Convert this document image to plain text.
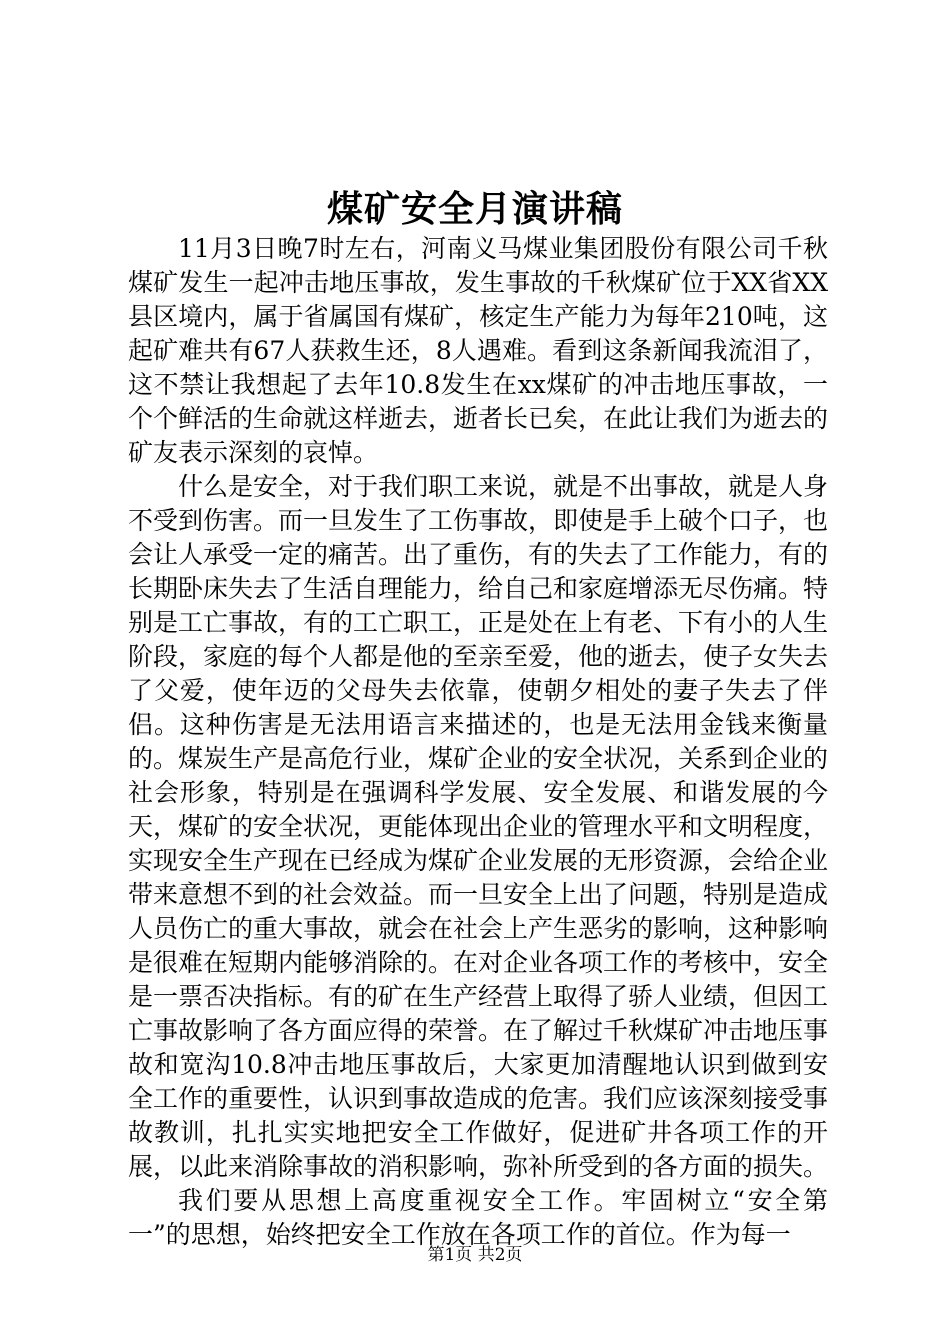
煤矿安全月演讲稿

11月3日晚7时左右，河南义马煤业集团股份有限公司千秋煤矿发生一起冲击地压事故，发生事故的千秋煤矿位于XX省XX县区境内，属于省属国有煤矿，核定生产能力为每年210吨，这起矿难共有67人获救生还，8人遇难。看到这条新闻我流泪了，这不禁让我想起了去年10.8发生在xx煤矿的冲击地压事故，一个个鲜活的生命就这样逝去，逝者长已矣，在此让我们为逝去的矿友表示深刻的哀悼。

什么是安全，对于我们职工来说，就是不出事故，就是人身不受到伤害。而一旦发生了工伤事故，即使是手上破个口子，也会让人承受一定的痛苦。出了重伤，有的失去了工作能力，有的长期卧床失去了生活自理能力，给自己和家庭增添无尽伤痛。特别是工亡事故，有的工亡职工，正是处在上有老、下有小的人生阶段，家庭的每个人都是他的至亲至爱，他的逝去，使子女失去了父爱，使年迈的父母失去依靠，使朝夕相处的妻子失去了伴侣。这种伤害是无法用语言来描述的，也是无法用金钱来衡量的。煤炭生产是高危行业，煤矿企业的安全状况，关系到企业的社会形象，特别是在强调科学发展、安全发展、和谐发展的今天，煤矿的安全状况，更能体现出企业的管理水平和文明程度，实现安全生产现在已经成为煤矿企业发展的无形资源，会给企业带来意想不到的社会效益。而一旦安全上出了问题，特别是造成人员伤亡的重大事故，就会在社会上产生恶劣的影响，这种影响是很难在短期内能够消除的。在对企业各项工作的考核中，安全是一票否决指标。有的矿在生产经营上取得了骄人业绩，但因工亡事故影响了各方面应得的荣誉。在了解过千秋煤矿冲击地压事故和宽沟10.8冲击地压事故后，大家更加清醒地认识到做到安全工作的重要性，认识到事故造成的危害。我们应该深刻接受事故教训，扎扎实实地把安全工作做好，促进矿井各项工作的开展，以此来消除事故的消积影响，弥补所受到的各方面的损失。

我们要从思想上高度重视安全工作。牢固树立“安全第一”的思想，始终把安全工作放在各项工作的首位。作为每一

第1页 共2页
